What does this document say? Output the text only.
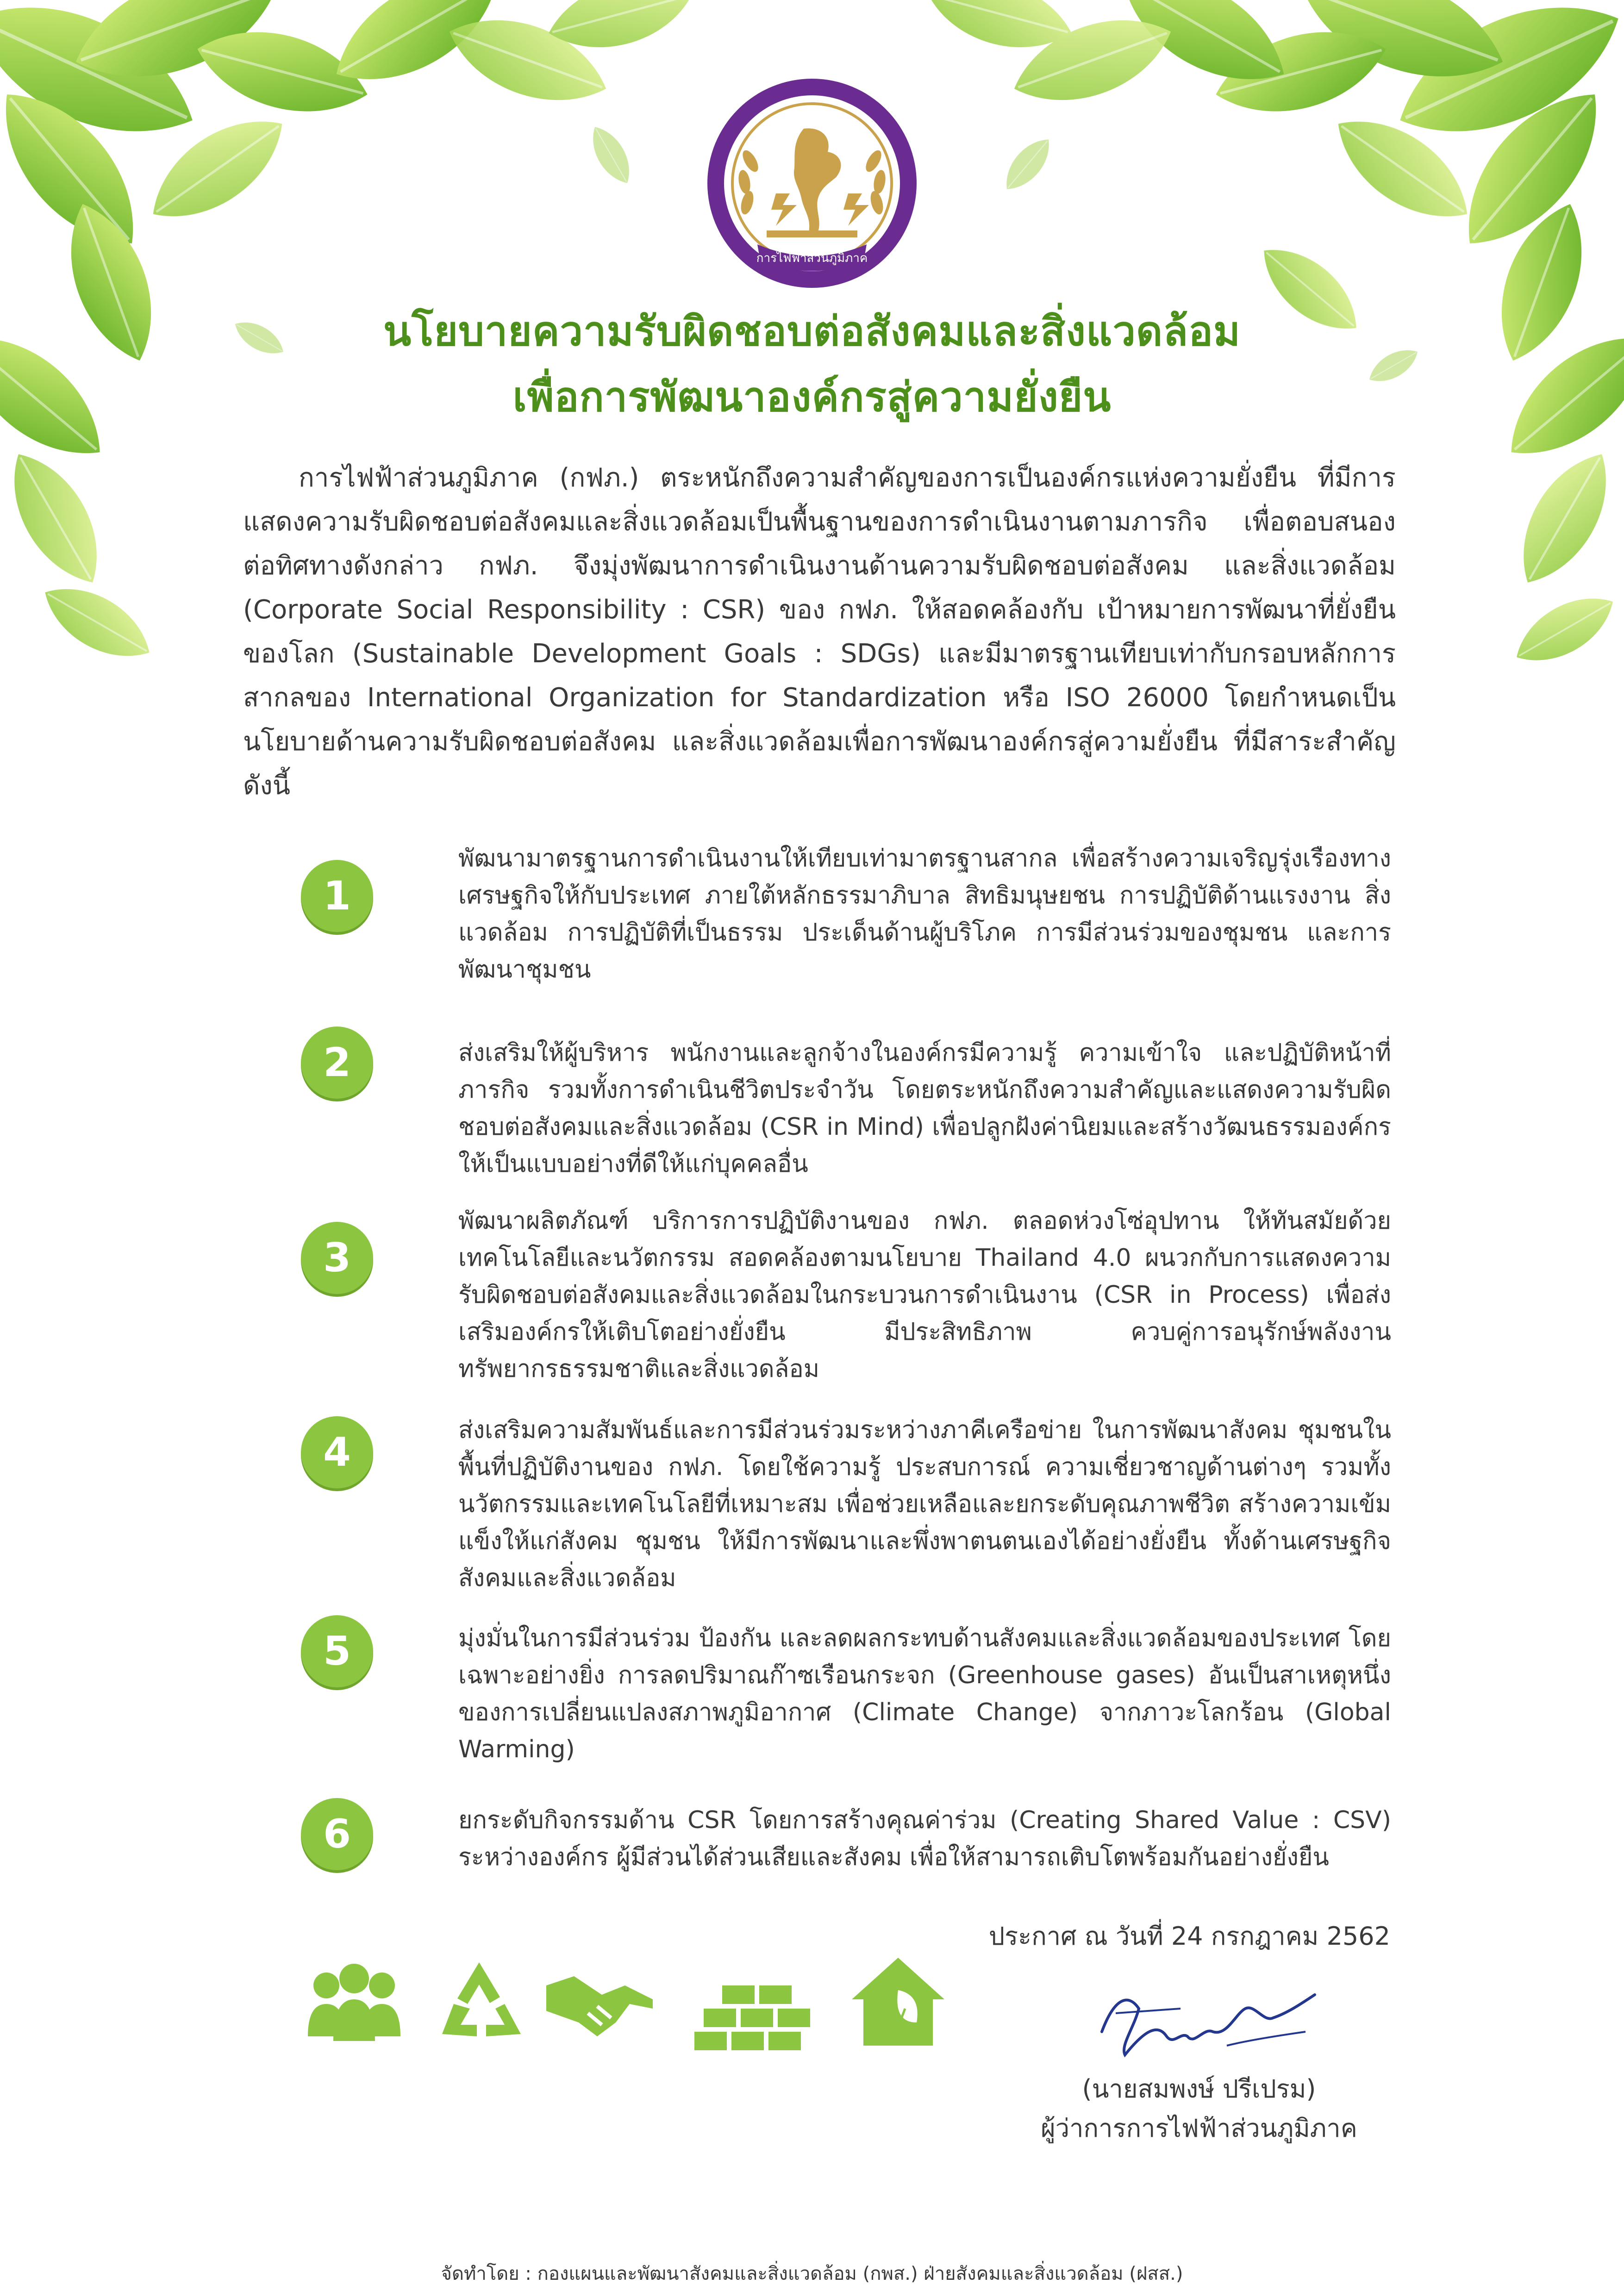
การไฟฟ้าส่วนภูมิภาค
นโยบายความรับผิดชอบต่อสังคมและสิ่งแวดล้อม
เพื่อการพัฒนาองค์กรสู่ความยั่งยืน
การไฟฟ้าส่วนภูมิภาค (กฟภ.) ตระหนักถึงความสำคัญของการเป็นองค์กรแห่งความยั่งยืน ที่มีการแสดงความรับผิดชอบต่อสังคมและสิ่งแวดล้อมเป็นพื้นฐานของการดำเนินงานตามภารกิจ เพื่อตอบสนองต่อทิศทางดังกล่าว กฟภ. จึงมุ่งพัฒนาการดำเนินงานด้านความรับผิดชอบต่อสังคม และสิ่งแวดล้อม (Corporate Social Responsibility : CSR) ของ กฟภ. ให้สอดคล้องกับ เป้าหมายการพัฒนาที่ยั่งยืนของโลก (Sustainable Development Goals : SDGs) และมีมาตรฐานเทียบเท่ากับกรอบหลักการสากลของ International Organization for Standardization หรือ ISO 26000 โดยกำหนดเป็นนโยบายด้านความรับผิดชอบต่อสังคม และสิ่งแวดล้อมเพื่อการพัฒนาองค์กรสู่ความยั่งยืน ที่มีสาระสำคัญ ดังนี้
1
พัฒนามาตรฐานการดำเนินงานให้เทียบเท่ามาตรฐานสากล เพื่อสร้างความเจริญรุ่งเรืองทางเศรษฐกิจให้กับประเทศ ภายใต้หลักธรรมาภิบาล สิทธิมนุษยชน การปฏิบัติด้านแรงงาน สิ่งแวดล้อม การปฏิบัติที่เป็นธรรม ประเด็นด้านผู้บริโภค การมีส่วนร่วมของชุมชน และการพัฒนาชุมชน
2	ส่งเสริมให้ผู้บริหาร พนักงานและลูกจ้างในองค์กรมีความรู้ ความเข้าใจ และปฏิบัติหน้าที่ภารกิจ รวมทั้งการดำเนินชีวิตประจำวัน โดยตระหนักถึงความสำคัญและแสดงความรับผิดชอบต่อสังคมและสิ่งแวดล้อม (CSR in Mind) เพื่อปลูกฝังค่านิยมและสร้างวัฒนธรรมองค์กรให้เป็นแบบอย่างที่ดีให้แก่บุคคลอื่น
3
พัฒนาผลิตภัณฑ์ บริการการปฏิบัติงานของ กฟภ. ตลอดห่วงโซ่อุปทาน ให้ทันสมัยด้วยเทคโนโลยีและนวัตกรรม สอดคล้องตามนโยบาย Thailand 4.0 ผนวกกับการแสดงความรับผิดชอบต่อสังคมและสิ่งแวดล้อมในกระบวนการดำเนินงาน (CSR in Process) เพื่อส่งเสริมองค์กรให้เติบโตอย่างยั่งยืน มีประสิทธิภาพ ควบคู่การอนุรักษ์พลังงานทรัพยากรธรรมชาติและสิ่งแวดล้อม
4	ส่งเสริมความสัมพันธ์และการมีส่วนร่วมระหว่างภาคีเครือข่าย ในการพัฒนาสังคม ชุมชนในพื้นที่ปฏิบัติงานของ กฟภ. โดยใช้ความรู้ ประสบการณ์ ความเชี่ยวชาญด้านต่างๆ รวมทั้งนวัตกรรมและเทคโนโลยีที่เหมาะสม เพื่อช่วยเหลือและยกระดับคุณภาพชีวิต สร้างความเข้มแข็งให้แก่สังคม ชุมชน ให้มีการพัฒนาและพึ่งพาตนตนเองได้อย่างยั่งยืน ทั้งด้านเศรษฐกิจ สังคมและสิ่งแวดล้อม
5	มุ่งมั่นในการมีส่วนร่วม ป้องกัน และลดผลกระทบด้านสังคมและสิ่งแวดล้อมของประเทศ โดยเฉพาะอย่างยิ่ง การลดปริมาณก๊าซเรือนกระจก (Greenhouse gases) อันเป็นสาเหตุหนึ่งของการเปลี่ยนแปลงสภาพภูมิอากาศ (Climate Change) จากภาวะโลกร้อน (Global Warming)
6	ยกระดับกิจกรรมด้าน CSR โดยการสร้างคุณค่าร่วม (Creating Shared Value : CSV) ระหว่างองค์กร ผู้มีส่วนได้ส่วนเสียและสังคม เพื่อให้สามารถเติบโตพร้อมกันอย่างยั่งยืน
ประกาศ ณ วันที่ 24 กรกฎาคม 2562
(นายสมพงษ์ ปรีเปรม)
ผู้ว่าการการไฟฟ้าส่วนภูมิภาค
จัดทำโดย : กองแผนและพัฒนาสังคมและสิ่งแวดล้อม (กพส.) ฝ่ายสังคมและสิ่งแวดล้อม (ฝสส.)
